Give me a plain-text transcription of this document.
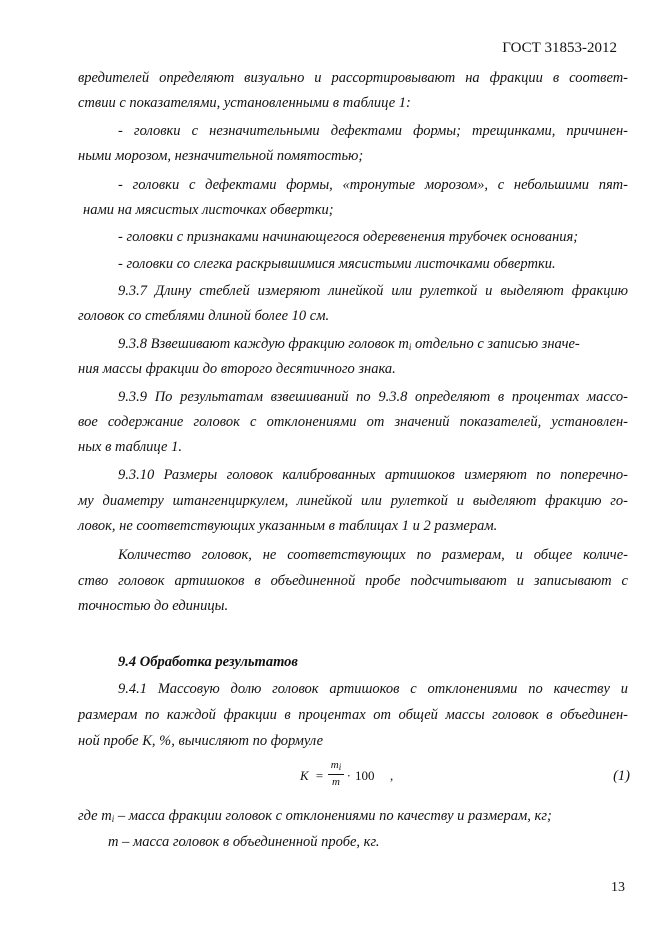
ГОСТ 31853-2012
вредителей определяют визуально и рассортировывают на фракции в соответ-
ствии с показателями, установленными в таблице 1:
- головки с незначительными дефектами формы; трещинками, причинен-
ными морозом, незначительной помятостью;
- головки с дефектами формы, «тронутые морозом», с небольшими пят-
нами на мясистых листочках обвертки;
- головки с признаками начинающегося одеревенения трубочек основания;
- головки со слегка раскрывшимися мясистыми листочками обвертки.
9.3.7 Длину стеблей измеряют линейкой или рулеткой и выделяют фракцию
головок со стеблями длиной более 10 см.
9.3.8 Взвешивают каждую фракцию головок $m_i$ отдельно с записью значе-
ния массы фракции до второго десятичного знака.
9.3.9 По результатам взвешиваний по 9.3.8 определяют в процентах массо-
вое содержание головок с отклонениями от значений показателей, установлен-
ных в таблице 1.
9.3.10 Размеры головок калиброванных артишоков измеряют по поперечно-
му диаметру штангенциркулем, линейкой или рулеткой и выделяют фракцию го-
ловок, не соответствующих указанным в таблицах 1 и 2 размерам.
Количество головок, не соответствующих по размерам, и общее количе-
ство головок артишоков в объединенной пробе подсчитывают и записывают с
точностью до единицы.
9.4 Обработка результатов
9.4.1 Массовую долю головок артишоков с отклонениями по качеству и
размерам по каждой фракции в процентах от общей массы головок в объединен-
ной пробе K, %, вычисляют по формуле
$K = \frac{m_i}{m} \cdot 100$ ,	(1)
где $m_i$ – масса фракции головок с отклонениями по качеству и размерам, кг;
m – масса головок в объединенной пробе, кг.
13
